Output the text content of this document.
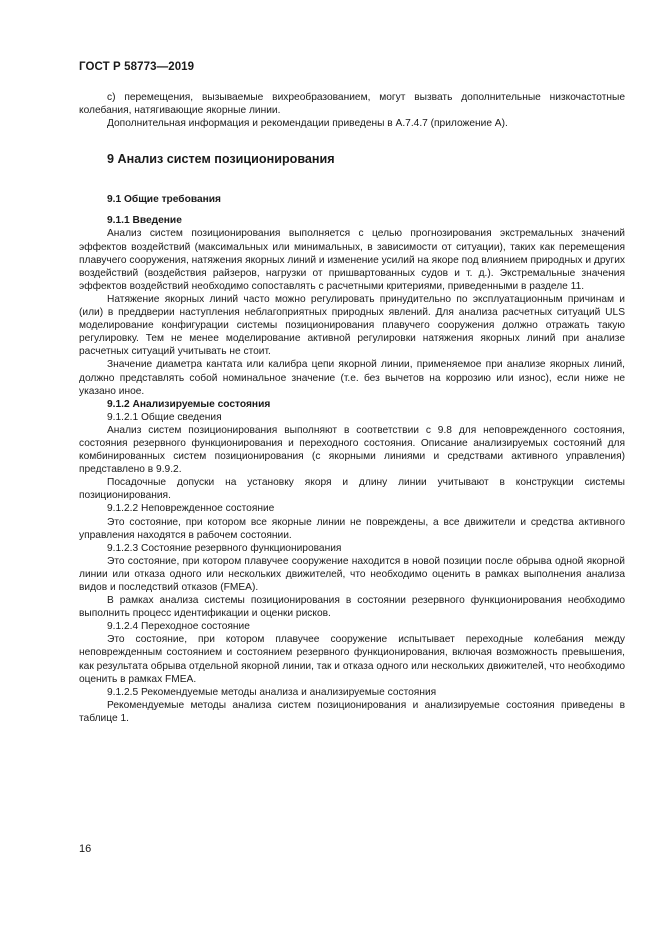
ГОСТ Р 58773—2019

с) перемещения, вызываемые вихреобразованием, могут вызвать дополнительные низкочастотные колебания, натягивающие якорные линии.

Дополнительная информация и рекомендации приведены в А.7.4.7 (приложение А).

9 Анализ систем позиционирования
9.1 Общие требования
9.1.1 Введение

Анализ систем позиционирования выполняется с целью прогнозирования экстремальных значений эффектов воздействий (максимальных или минимальных, в зависимости от ситуации), таких как перемещения плавучего сооружения, натяжения якорных линий и изменение усилий на якоре под влиянием природных и других воздействий (воздействия райзеров, нагрузки от пришвартованных судов и т. д.). Экстремальные значения эффектов воздействий необходимо сопоставлять с расчетными критериями, приведенными в разделе 11.

Натяжение якорных линий часто можно регулировать принудительно по эксплуатационным причинам и (или) в преддверии наступления неблагоприятных природных явлений. Для анализа расчетных ситуаций ULS моделирование конфигурации системы позиционирования плавучего сооружения должно отражать такую регулировку. Тем не менее моделирование активной регулировки натяжения якорных линий при анализе расчетных ситуаций учитывать не стоит.

Значение диаметра кантата или калибра цепи якорной линии, применяемое при анализе якорных линий, должно представлять собой номинальное значение (т.е. без вычетов на коррозию или износ), если ниже не указано иное.

9.1.2 Анализируемые состояния
9.1.2.1 Общие сведения

Анализ систем позиционирования выполняют в соответствии с 9.8 для неповрежденного состояния, состояния резервного функционирования и переходного состояния. Описание анализируемых состояний для комбинированных систем позиционирования (с якорными линиями и средствами активного управления) представлено в 9.9.2.

Посадочные допуски на установку якоря и длину линии учитывают в конструкции системы позиционирования.

9.1.2.2 Неповрежденное состояние

Это состояние, при котором все якорные линии не повреждены, а все движители и средства активного управления находятся в рабочем состоянии.

9.1.2.3 Состояние резервного функционирования

Это состояние, при котором плавучее сооружение находится в новой позиции после обрыва одной якорной линии или отказа одного или нескольких движителей, что необходимо оценить в рамках выполнения анализа видов и последствий отказов (FMEA).

В рамках анализа системы позиционирования в состоянии резервного функционирования необходимо выполнить процесс идентификации и оценки рисков.

9.1.2.4 Переходное состояние

Это состояние, при котором плавучее сооружение испытывает переходные колебания между неповрежденным состоянием и состоянием резервного функционирования, включая возможность превышения, как результата обрыва отдельной якорной линии, так и отказа одного или нескольких движителей, что необходимо оценить в рамках FMEA.

9.1.2.5 Рекомендуемые методы анализа и анализируемые состояния

Рекомендуемые методы анализа систем позиционирования и анализируемые состояния приведены в таблице 1.

16
